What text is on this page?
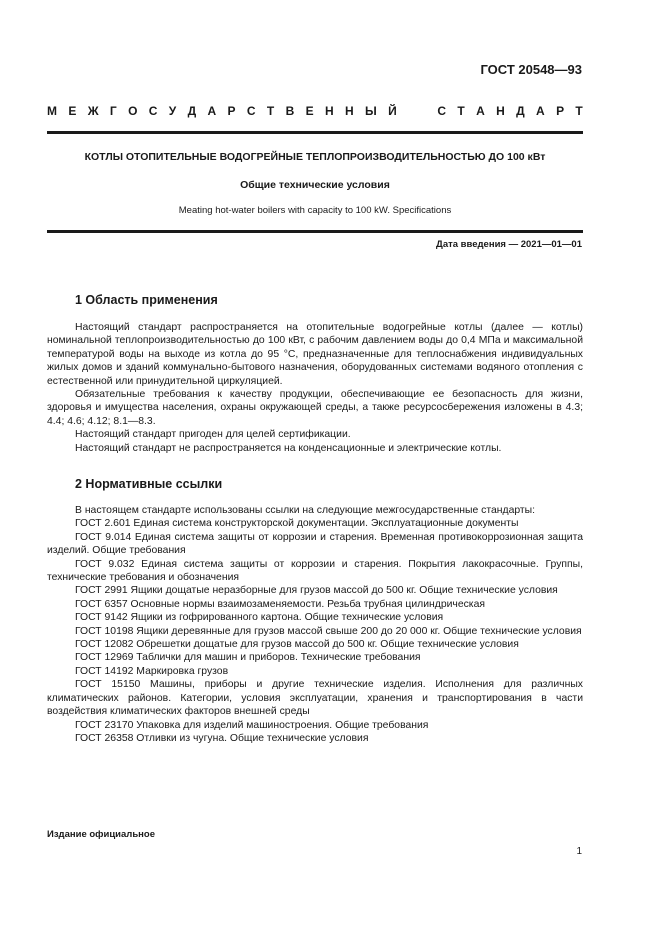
ГОСТ 20548—93
М Е Ж Г О С У Д А Р С Т В Е Н Н Ы Й

	С Т А Н Д А Р Т
КОТЛЫ ОТОПИТЕЛЬНЫЕ ВОДОГРЕЙНЫЕ ТЕПЛОПРОИЗВОДИТЕЛЬНОСТЬЮ ДО 100 кВт
Общие технические условия
Meating hot-water boilers with capacity to 100 kW. Specifications
Дата введения — 2021—01—01
1 Область применения

Настоящий стандарт распространяется на отопительные водогрейные котлы (далее — котлы) номинальной теплопроизводительностью до 100 кВт, с рабочим давлением воды до 0,4 МПа и максимальной температурой воды на выходе из котла до 95 °С, предназначенные для теплоснабжения индивидуальных жилых домов и зданий коммунально-бытового назначения, оборудованных системами водяного отопления с естественной или принудительной циркуляцией.

Обязательные требования к качеству продукции, обеспечивающие ее безопасность для жизни, здоровья и имущества населения, охраны окружающей среды, а также ресурсосбережения изложены в 4.3; 4.4; 4.6; 4.12; 8.1—8.3.

Настоящий стандарт пригоден для целей сертификации.

Настоящий стандарт не распространяется на конденсационные и электрические котлы.

2 Нормативные ссылки

В настоящем стандарте использованы ссылки на следующие межгосударственные стандарты:

ГОСТ 2.601 Единая система конструкторской документации. Эксплуатационные документы

ГОСТ 9.014 Единая система защиты от коррозии и старения. Временная противокоррозионная защита изделий. Общие требования

ГОСТ 9.032 Единая система защиты от коррозии и старения. Покрытия лакокрасочные. Группы, технические требования и обозначения

ГОСТ 2991 Ящики дощатые неразборные для грузов массой до 500 кг. Общие технические условия

ГОСТ 6357 Основные нормы взаимозаменяемости. Резьба трубная цилиндрическая

ГОСТ 9142 Ящики из гофрированного картона. Общие технические условия

ГОСТ 10198 Ящики деревянные для грузов массой свыше 200 до 20 000 кг. Общие технические условия

ГОСТ 12082 Обрешетки дощатые для грузов массой до 500 кг. Общие технические условия

ГОСТ 12969 Таблички для машин и приборов. Технические требования

ГОСТ 14192 Маркировка грузов

ГОСТ 15150 Машины, приборы и другие технические изделия. Исполнения для различных климатических районов. Категории, условия эксплуатации, хранения и транспортирования в части воздействия климатических факторов внешней среды

ГОСТ 23170 Упаковка для изделий машиностроения. Общие требования

ГОСТ 26358 Отливки из чугуна. Общие технические условия

Издание официальное
1
